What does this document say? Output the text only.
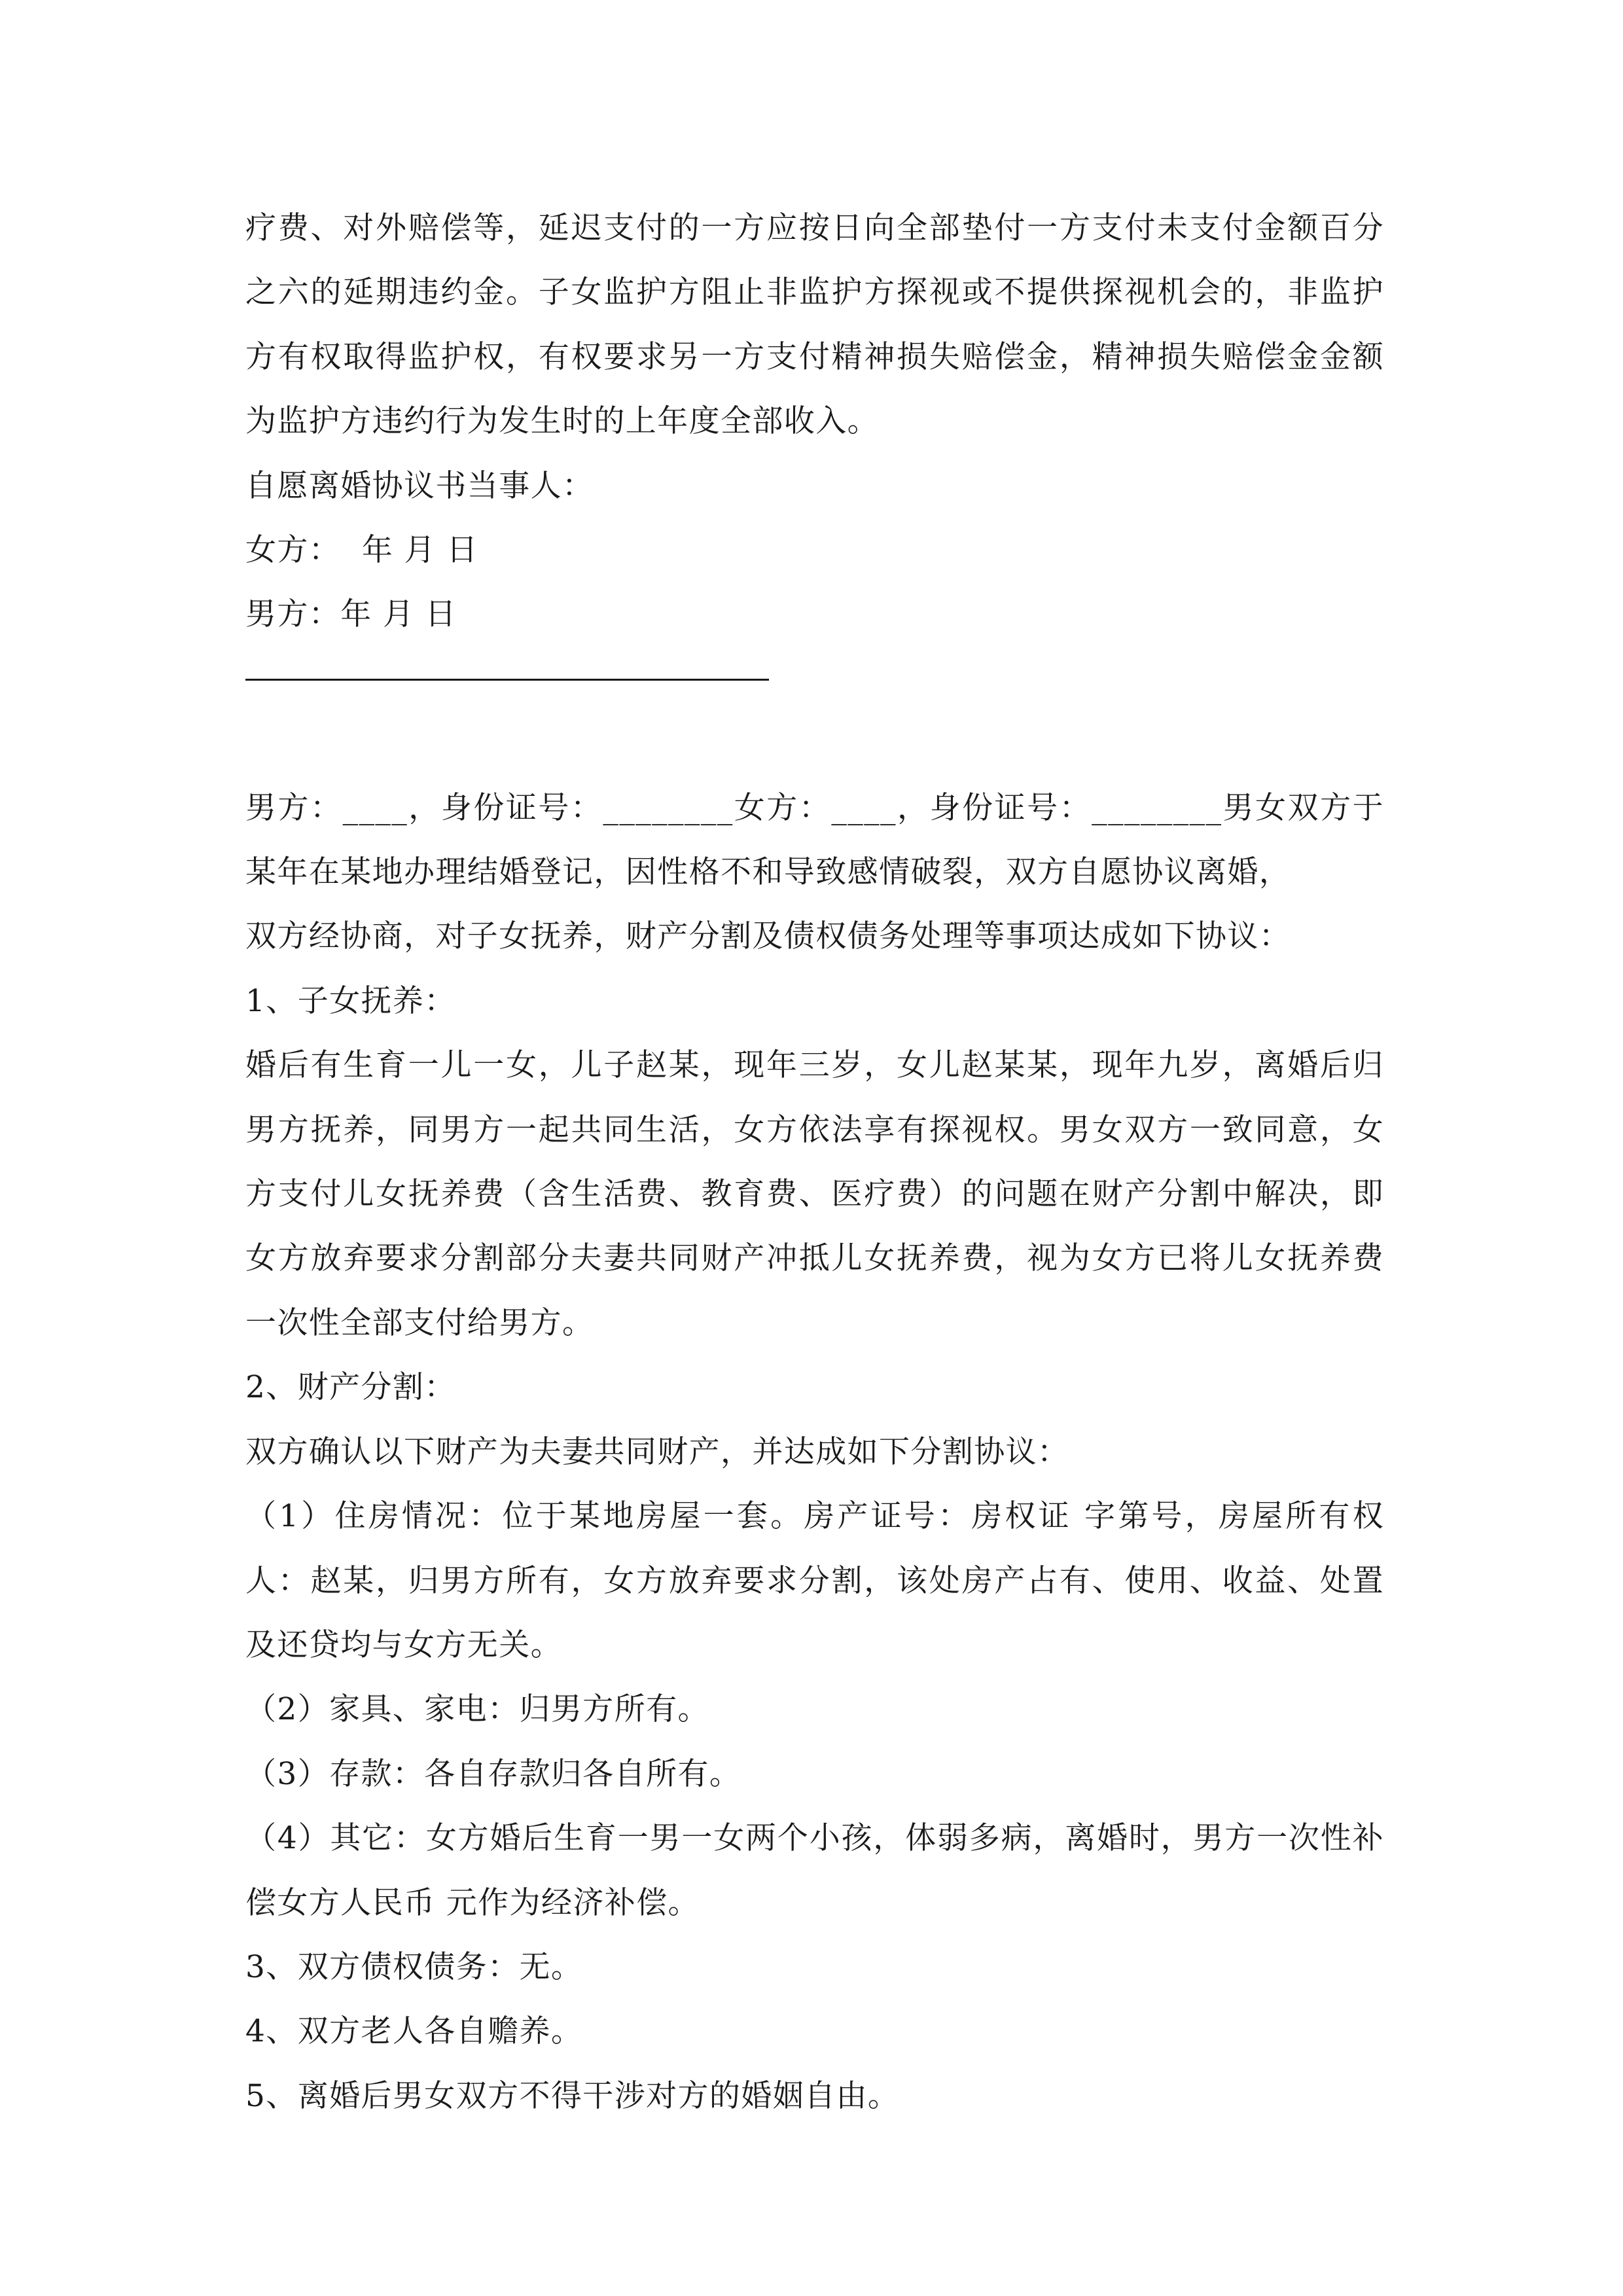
疗费、对外赔偿等，延迟支付的一方应按日向全部垫付一方支付未支付金额百分之六的延期违约金。子女监护方阻止非监护方探视或不提供探视机会的，非监护方有权取得监护权，有权要求另一方支付精神损失赔偿金，精神损失赔偿金金额为监护方违约行为发生时的上年度全部收入。

自愿离婚协议书当事人：

女方：  年 月 日

男方：年 月 日

男方：____，身份证号：________女方：____，身份证号：________男女双方于某年在某地办理结婚登记，因性格不和导致感情破裂，双方自愿协议离婚，

双方经协商，对子女抚养，财产分割及债权债务处理等事项达成如下协议：

1、子女抚养：

婚后有生育一儿一女，儿子赵某，现年三岁，女儿赵某某，现年九岁，离婚后归男方抚养，同男方一起共同生活，女方依法享有探视权。男女双方一致同意，女方支付儿女抚养费（含生活费、教育费、医疗费）的问题在财产分割中解决，即女方放弃要求分割部分夫妻共同财产冲抵儿女抚养费，视为女方已将儿女抚养费一次性全部支付给男方。

2、财产分割：

双方确认以下财产为夫妻共同财产，并达成如下分割协议：

（1）住房情况：位于某地房屋一套。房产证号：房权证 字第号，房屋所有权人：赵某，归男方所有，女方放弃要求分割，该处房产占有、使用、收益、处置及还贷均与女方无关。

（2）家具、家电：归男方所有。

（3）存款：各自存款归各自所有。

（4）其它：女方婚后生育一男一女两个小孩，体弱多病，离婚时，男方一次性补偿女方人民币 元作为经济补偿。

3、双方债权债务：无。

4、双方老人各自赡养。

5、离婚后男女双方不得干涉对方的婚姻自由。
